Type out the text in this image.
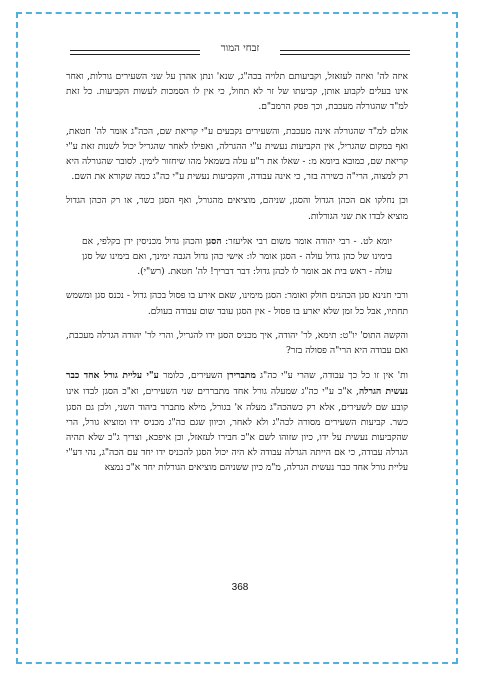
זבחי המור

איזה לה' ואיזה לעזאזל, וקביעותם תלויה בכה"ג, שנא' ונתן אהרן על שני השעירים גורלות, ואחר אינו בעלים לקבוע אותן, קביעתו של זר לא תחול, כי אין לו הסמכות לעשות הקביעות. כל זאת למ"ד שהגורלה מעכבת, וכך פסק הרמב"ם.

אולם למ"ד שהגורלה אינה מעכבת, והשעירים נקבעים ע"י קריאת שם, הכה"ג אומר לה' חטאת, ואף במקום שהגריל, אין הקביעות נעשית ע"י ההגרלה, ואפילו לאחר שהגריל יכול לשנות זאת ע"י קריאת שם, כמובא ביומא מ: - שאלו את ר"ע עלה בשמאל מהו שיחזור לימין. לסובר שהגורלה היא רק למצוה, הרי"ה כשירה בזר, כי אינה עבודה, והקביעות נעשית ע"י כה"ג כמה שקורא את השם.

וכן נחלקו אם הכהן הגדול והסגן, שניהם, מוציאים מהגורל, ואף הסגן כשר, או רק הכהן הגדול מוציא לבדו את שני הגורלות.

יומא לט. - רבי יהודה אומר משום רבי אליעזר: הסגן והכהן גדול מכניסין ידן בקלפי, אם בימינו של כהן גדול עולה - הסגן אומר לו: אישי כהן גדול הגבה ימינך, ואם בימינו של סגן עולה - ראש בית אב אומר לו לכהן גדול: דבר דבריך! לה' חטאת. (רש"י).

ורבי חנינא סגן הכהנים חולק ואומר: הסגן מימינו, שאם אירע בו פסול בכהן גדול - נכנס סגן ומשמש תחתיו, אבל כל זמן שלא יארע בו פסול - אין הסגן עובד שום עבודה בעולם.

והקשה התוס' יו"ט: תימא, לר' יהודה, איך מכניס הסגן ידו להגריל, והרי לר' יהודה הגרלה מעכבת, ואם עבודה היא הרי"ה פסולה בזר?

ות' אין זו כל כך עבודה, שהרי ע"י כה"ג מתברירן השעירים, כלומר ע"י עליית גורל אחד כבר נעשית הגרלה, א"כ ע"י כה"ג שמעלה גורל אחד מתבררים שני השעירים, וא"כ הסגן לבדו אינו קובע שם לשעירים, אלא רק כשהכה"ג מעלה א' בגורל, מילא מתברר ביהוד השני, ולכן גם הסגן כשר. קביעות השעירים מסורה לכה"ג ולא לאחר, וכיוון שגם כה"ג מכניס ידו ומוציא גורל, הרי שהקביעות נעשית על ידו, כיון שזוהו לשם א"כ חבירו לעזאזל, וכן איפכא, וצריך ג"כ שלא תהיה הגרלה עבודה, כי אם הייתה הגרלה עבודה לא היה יכול הסגן להכניס ידו יחד עם הכה"ג, נהי דע"י עליית גורל אחד כבר נעשית הגרלה, מ"מ כיון ששניהם מוציאים הגורלות יחד א"כ נמצא

368
